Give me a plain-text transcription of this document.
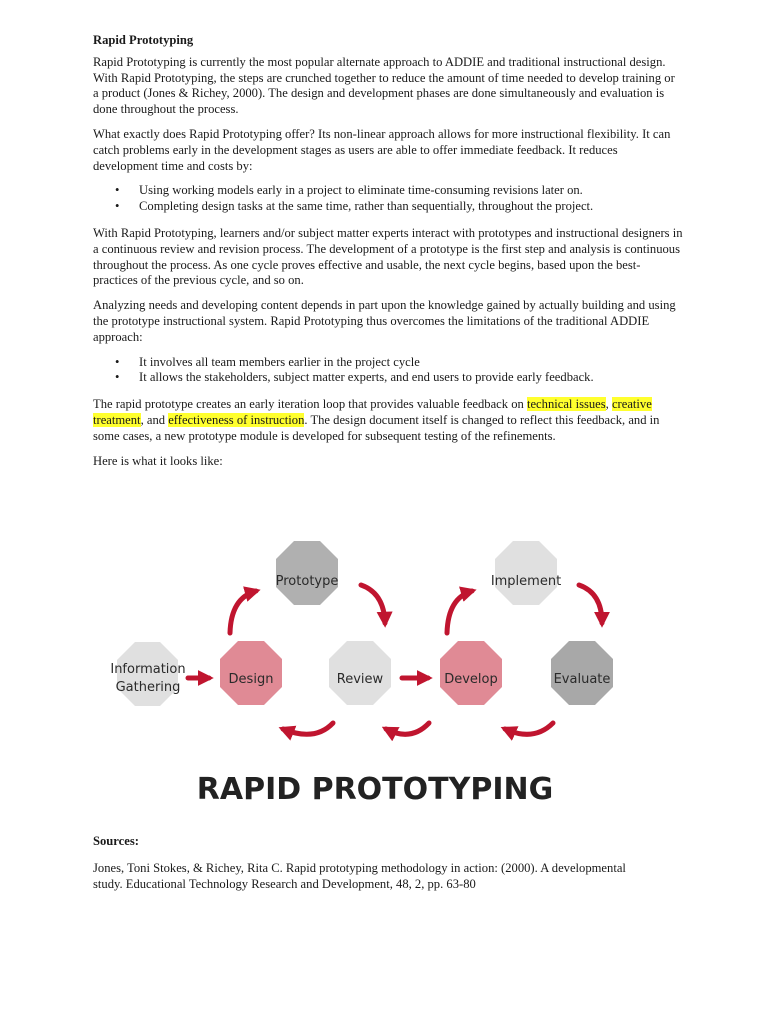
Rapid Prototyping

Rapid Prototyping is currently the most popular alternate approach to ADDIE and traditional instructional design. With Rapid Prototyping, the steps are crunched together to reduce the amount of time needed to develop training or a product (Jones & Richey, 2000). The design and development phases are done simultaneously and evaluation is done throughout the process.

What exactly does Rapid Prototyping offer? Its non-linear approach allows for more instructional flexibility. It can catch problems early in the development stages as users are able to offer immediate feedback. It reduces development time and costs by:

• Using working models early in a project to eliminate time-consuming revisions later on.
• Completing design tasks at the same time, rather than sequentially, throughout the project.

With Rapid Prototyping, learners and/or subject matter experts interact with prototypes and instructional designers in a continuous review and revision process. The development of a prototype is the first step and analysis is continuous throughout the process. As one cycle proves effective and usable, the next cycle begins, based upon the best-practices of the previous cycle, and so on.

Analyzing needs and developing content depends in part upon the knowledge gained by actually building and using the prototype instructional system. Rapid Prototyping thus overcomes the limitations of the traditional ADDIE approach:

• It involves all team members earlier in the project cycle
• It allows the stakeholders, subject matter experts, and end users to provide early feedback.

The rapid prototype creates an early iteration loop that provides valuable feedback on technical issues, creative treatment, and effectiveness of instruction. The design document itself is changed to reflect this feedback, and in some cases, a new prototype module is developed for subsequent testing of the refinements.

Here is what it looks like:

Information
Gathering
Design
Prototype
Review	Develop
Implement
Evaluate
RAPID PROTOTYPING
Sources:
Jones, Toni Stokes, & Richey, Rita C. Rapid prototyping methodology in action: (2000). A developmental study. Educational Technology Research and Development, 48, 2, pp. 63-80
